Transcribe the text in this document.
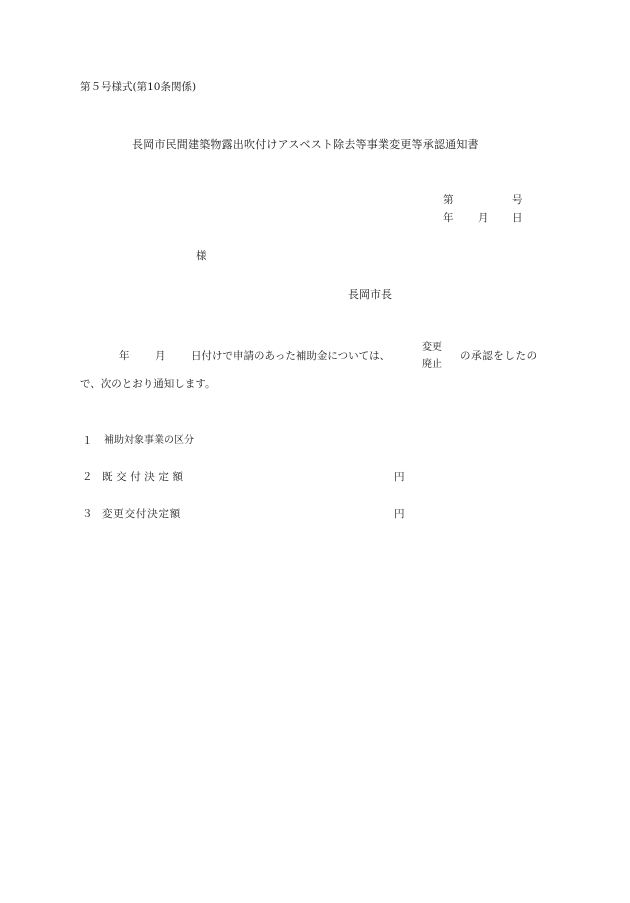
第５号様式(第10条関係)
長岡市民間建築物露出吹付けアスベスト除去等事業変更等承認通知書
第	号
年 月 日
様
長岡市長
年 月 日付けで申請のあった補助金については、
変更
廃止
の承認をしたの
で、次のとおり通知します。
１ 補助対象事業の区分
２ 既交付決定額	円
３ 変更交付決定額	円
